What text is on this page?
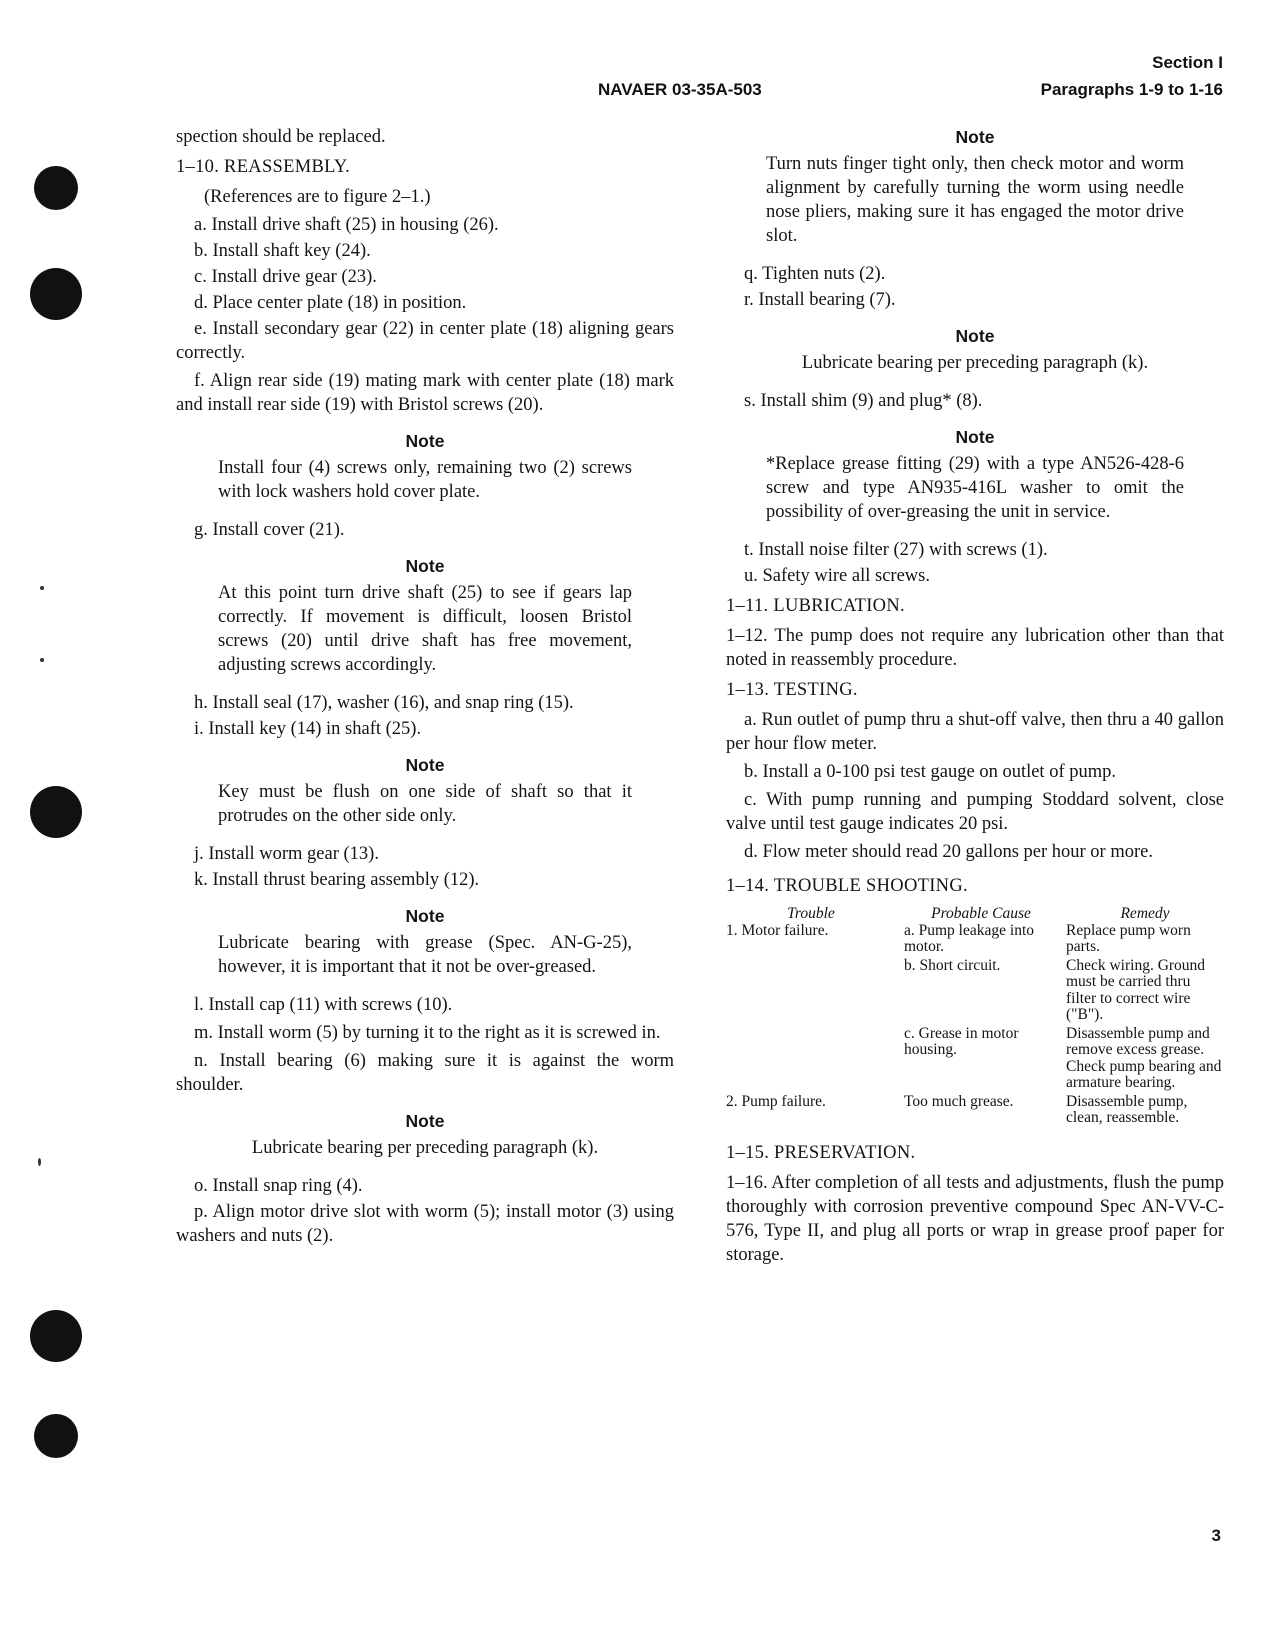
Section I
NAVAER 03-35A-503	Paragraphs 1-9 to 1-16

spection should be replaced.

1–10. REASSEMBLY.

(References are to figure 2–1.)

a. Install drive shaft (25) in housing (26).

b. Install shaft key (24).

c. Install drive gear (23).

d. Place center plate (18) in position.

e. Install secondary gear (22) in center plate (18) aligning gears correctly.

f. Align rear side (19) mating mark with center plate (18) mark and install rear side (19) with Bristol screws (20).

Note
Install four (4) screws only, remaining two (2) screws with lock washers hold cover plate.

g. Install cover (21).

Note
At this point turn drive shaft (25) to see if gears lap correctly. If movement is difficult, loosen Bristol screws (20) until drive shaft has free movement, adjusting screws accordingly.

h. Install seal (17), washer (16), and snap ring (15).

i. Install key (14) in shaft (25).

Note
Key must be flush on one side of shaft so that it protrudes on the other side only.

j. Install worm gear (13).

k. Install thrust bearing assembly (12).

Note
Lubricate bearing with grease (Spec. AN-G-25), however, it is important that it not be over-greased.

l. Install cap (11) with screws (10).

m. Install worm (5) by turning it to the right as it is screwed in.

n. Install bearing (6) making sure it is against the worm shoulder.

Note
Lubricate bearing per preceding paragraph (k).

o. Install snap ring (4).

p. Align motor drive slot with worm (5); install motor (3) using washers and nuts (2).

Note
Turn nuts finger tight only, then check motor and worm alignment by carefully turning the worm using needle nose pliers, making sure it has engaged the motor drive slot.

q. Tighten nuts (2).

r. Install bearing (7).

Note
Lubricate bearing per preceding paragraph (k).

s. Install shim (9) and plug* (8).

Note
*Replace grease fitting (29) with a type AN526-428-6 screw and type AN935-416L washer to omit the possibility of over-greasing the unit in service.

t. Install noise filter (27) with screws (1).

u. Safety wire all screws.

1–11. LUBRICATION.

1–12. The pump does not require any lubrication other than that noted in reassembly procedure.

1–13. TESTING.

a. Run outlet of pump thru a shut-off valve, then thru a 40 gallon per hour flow meter.

b. Install a 0-100 psi test gauge on outlet of pump.

c. With pump running and pumping Stoddard solvent, close valve until test gauge indicates 20 psi.

d. Flow meter should read 20 gallons per hour or more.

1–14. TROUBLE SHOOTING.

Trouble	Probable Cause	Remedy
1. Motor failure.	a. Pump leakage into motor.	Replace pump worn parts.
	b. Short circuit.	Check wiring. Ground must be carried thru filter to correct wire ("B").
	c. Grease in motor housing.	Disassemble pump and remove excess grease. Check pump bearing and armature bearing.
2. Pump failure.	Too much grease.	Disassemble pump, clean, reassemble.

1–15. PRESERVATION.

1–16. After completion of all tests and adjustments, flush the pump thoroughly with corrosion preventive compound Spec AN-VV-C-576, Type II, and plug all ports or wrap in grease proof paper for storage.

3
